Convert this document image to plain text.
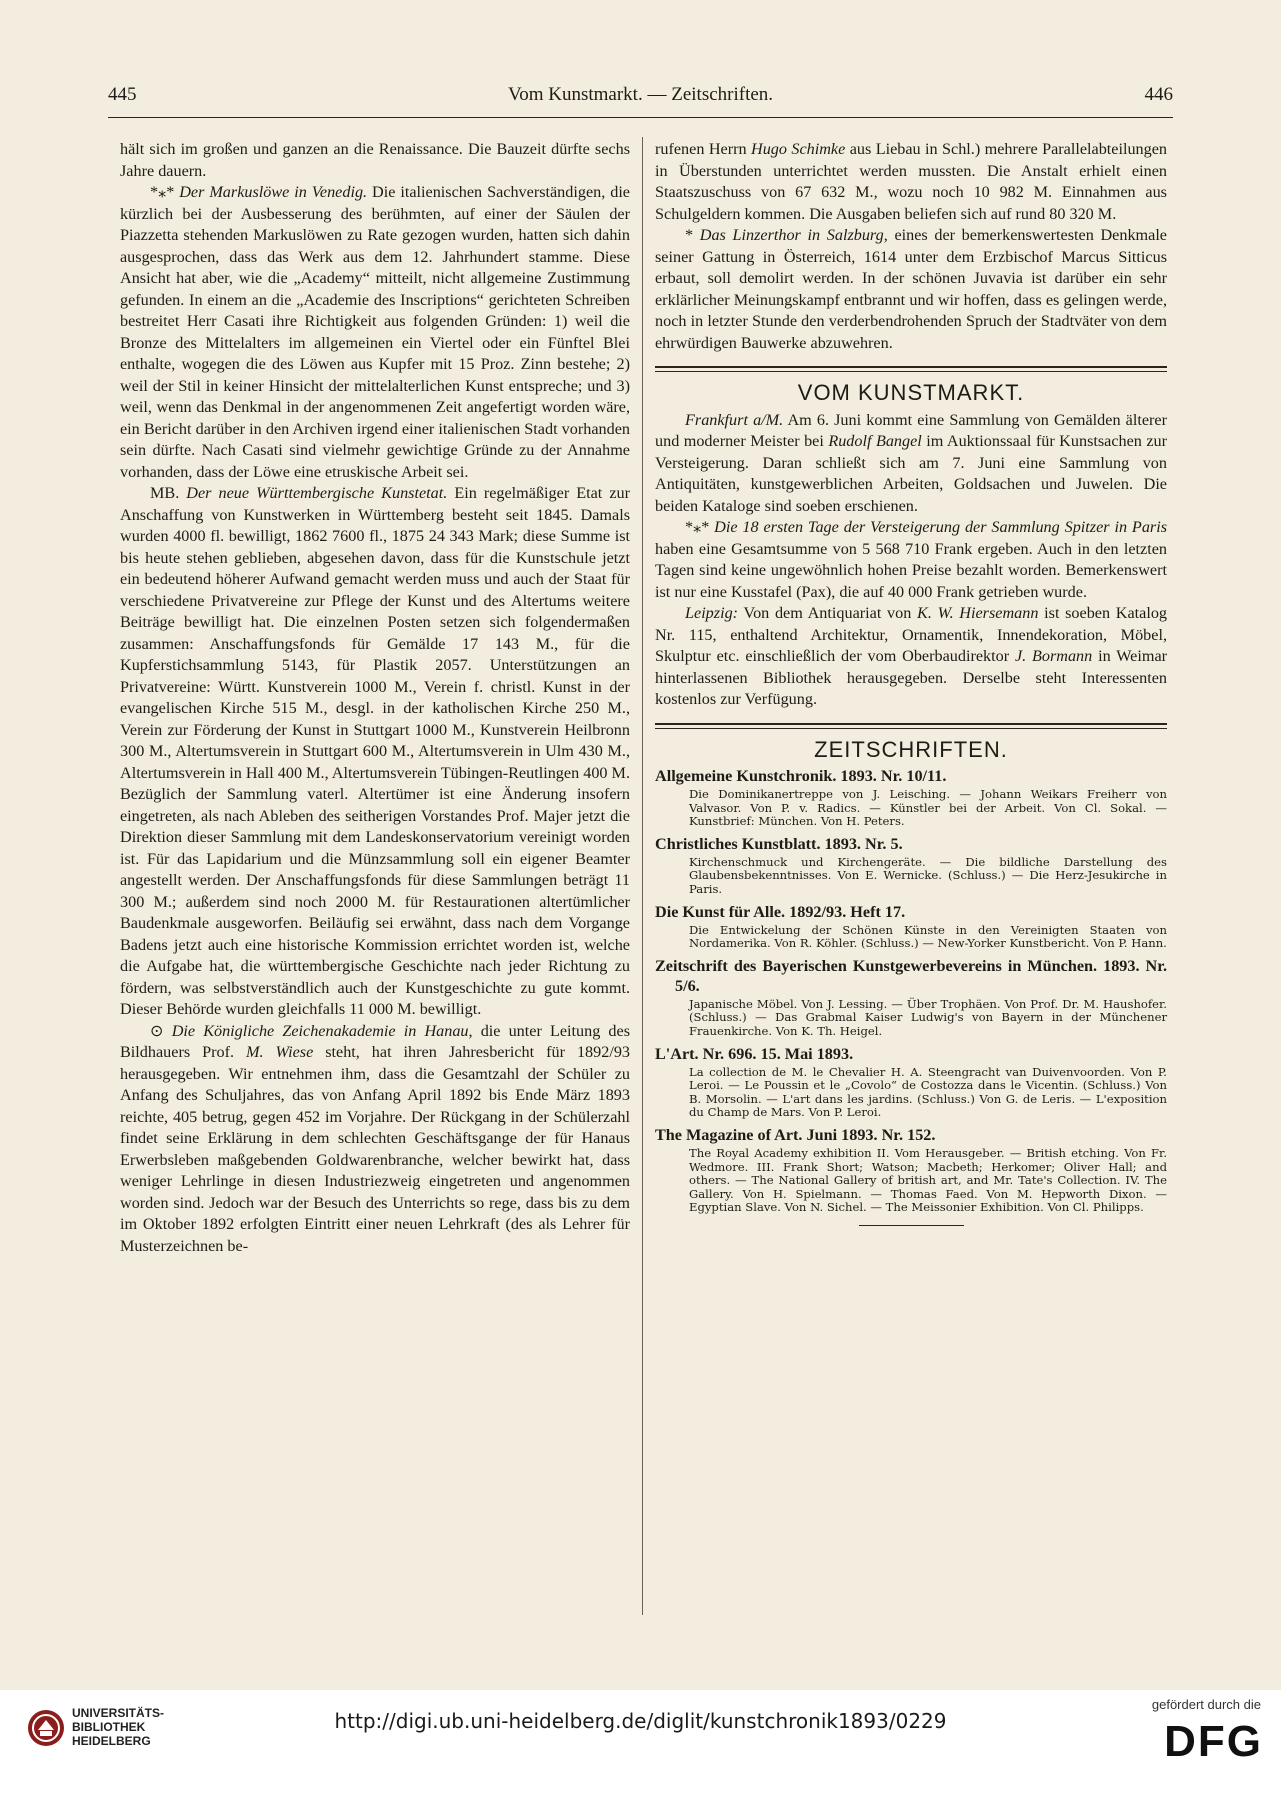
445	Vom Kunstmarkt. — Zeitschriften.	446

hält sich im großen und ganzen an die Renaissance. Die Bauzeit dürfte sechs Jahre dauern.

*⁎* Der Markuslöwe in Venedig. Die italienischen Sachverständigen, die kürzlich bei der Ausbesserung des berühmten, auf einer der Säulen der Piazzetta stehenden Markuslöwen zu Rate gezogen wurden, hatten sich dahin ausgesprochen, dass das Werk aus dem 12. Jahrhundert stamme. Diese Ansicht hat aber, wie die „Academy“ mitteilt, nicht allgemeine Zustimmung gefunden. In einem an die „Academie des Inscriptions“ gerichteten Schreiben bestreitet Herr Casati ihre Richtigkeit aus folgenden Gründen: 1) weil die Bronze des Mittelalters im allgemeinen ein Viertel oder ein Fünftel Blei enthalte, wogegen die des Löwen aus Kupfer mit 15 Proz. Zinn bestehe; 2) weil der Stil in keiner Hinsicht der mittelalterlichen Kunst entspreche; und 3) weil, wenn das Denkmal in der angenommenen Zeit angefertigt worden wäre, ein Bericht darüber in den Archiven irgend einer italienischen Stadt vorhanden sein dürfte. Nach Casati sind vielmehr gewichtige Gründe zu der Annahme vorhanden, dass der Löwe eine etruskische Arbeit sei.

MB. Der neue Württembergische Kunstetat. Ein regelmäßiger Etat zur Anschaffung von Kunstwerken in Württemberg besteht seit 1845. Damals wurden 4000 fl. bewilligt, 1862 7600 fl., 1875 24 343 Mark; diese Summe ist bis heute stehen geblieben, abgesehen davon, dass für die Kunstschule jetzt ein bedeutend höherer Aufwand gemacht werden muss und auch der Staat für verschiedene Privatvereine zur Pflege der Kunst und des Altertums weitere Beiträge bewilligt hat. Die einzelnen Posten setzen sich folgendermaßen zusammen: Anschaffungsfonds für Gemälde 17 143 M., für die Kupferstichsammlung 5143, für Plastik 2057. Unterstützungen an Privatvereine: Württ. Kunstverein 1000 M., Verein f. christl. Kunst in der evangelischen Kirche 515 M., desgl. in der katholischen Kirche 250 M., Verein zur Förderung der Kunst in Stuttgart 1000 M., Kunstverein Heilbronn 300 M., Altertumsverein in Stuttgart 600 M., Altertumsverein in Ulm 430 M., Altertumsverein in Hall 400 M., Altertumsverein Tübingen-Reutlingen 400 M. Bezüglich der Sammlung vaterl. Altertümer ist eine Änderung insofern eingetreten, als nach Ableben des seitherigen Vorstandes Prof. Majer jetzt die Direktion dieser Sammlung mit dem Landeskonservatorium vereinigt worden ist. Für das Lapidarium und die Münzsammlung soll ein eigener Beamter angestellt werden. Der Anschaffungsfonds für diese Sammlungen beträgt 11 300 M.; außerdem sind noch 2000 M. für Restaurationen altertümlicher Baudenkmale ausgeworfen. Beiläufig sei erwähnt, dass nach dem Vorgange Badens jetzt auch eine historische Kommission errichtet worden ist, welche die Aufgabe hat, die württembergische Geschichte nach jeder Richtung zu fördern, was selbstverständlich auch der Kunstgeschichte zu gute kommt. Dieser Behörde wurden gleichfalls 11 000 M. bewilligt.

⊙ Die Königliche Zeichenakademie in Hanau, die unter Leitung des Bildhauers Prof. M. Wiese steht, hat ihren Jahresbericht für 1892/93 herausgegeben. Wir entnehmen ihm, dass die Gesamtzahl der Schüler zu Anfang des Schuljahres, das von Anfang April 1892 bis Ende März 1893 reichte, 405 betrug, gegen 452 im Vorjahre. Der Rückgang in der Schülerzahl findet seine Erklärung in dem schlechten Geschäftsgange der für Hanaus Erwerbsleben maßgebenden Goldwarenbranche, welcher bewirkt hat, dass weniger Lehrlinge in diesen Industriezweig eingetreten und angenommen worden sind. Jedoch war der Besuch des Unterrichts so rege, dass bis zu dem im Oktober 1892 erfolgten Eintritt einer neuen Lehrkraft (des als Lehrer für Musterzeichnen be-

rufenen Herrn Hugo Schimke aus Liebau in Schl.) mehrere Parallelabteilungen in Überstunden unterrichtet werden mussten. Die Anstalt erhielt einen Staatszuschuss von 67 632 M., wozu noch 10 982 M. Einnahmen aus Schulgeldern kommen. Die Ausgaben beliefen sich auf rund 80 320 M.

* Das Linzerthor in Salzburg, eines der bemerkenswertesten Denkmale seiner Gattung in Österreich, 1614 unter dem Erzbischof Marcus Sitticus erbaut, soll demolirt werden. In der schönen Juvavia ist darüber ein sehr erklärlicher Meinungskampf entbrannt und wir hoffen, dass es gelingen werde, noch in letzter Stunde den verderbendrohenden Spruch der Stadtväter von dem ehrwürdigen Bauwerke abzuwehren.

VOM KUNSTMARKT.

Frankfurt a/M. Am 6. Juni kommt eine Sammlung von Gemälden älterer und moderner Meister bei Rudolf Bangel im Auktionssaal für Kunstsachen zur Versteigerung. Daran schließt sich am 7. Juni eine Sammlung von Antiquitäten, kunstgewerblichen Arbeiten, Goldsachen und Juwelen. Die beiden Kataloge sind soeben erschienen.

*⁎* Die 18 ersten Tage der Versteigerung der Sammlung Spitzer in Paris haben eine Gesamtsumme von 5 568 710 Frank ergeben. Auch in den letzten Tagen sind keine ungewöhnlich hohen Preise bezahlt worden. Bemerkenswert ist nur eine Kusstafel (Pax), die auf 40 000 Frank getrieben wurde.

Leipzig: Von dem Antiquariat von K. W. Hiersemann ist soeben Katalog Nr. 115, enthaltend Architektur, Ornamentik, Innendekoration, Möbel, Skulptur etc. einschließlich der vom Oberbaudirektor J. Bormann in Weimar hinterlassenen Bibliothek herausgegeben. Derselbe steht Interessenten kostenlos zur Verfügung.

ZEITSCHRIFTEN.
Allgemeine Kunstchronik. 1893. Nr. 10/11.
Die Dominikanertreppe von J. Leisching. — Johann Weikars Freiherr von Valvasor. Von P. v. Radics. — Künstler bei der Arbeit. Von Cl. Sokal. — Kunstbrief: München. Von H. Peters.
Christliches Kunstblatt. 1893. Nr. 5.
Kirchenschmuck und Kirchengeräte. — Die bildliche Darstellung des Glaubensbekenntnisses. Von E. Wernicke. (Schluss.) — Die Herz-Jesukirche in Paris.
Die Kunst für Alle. 1892/93. Heft 17.
Die Entwickelung der Schönen Künste in den Vereinigten Staaten von Nordamerika. Von R. Köhler. (Schluss.) — New-Yorker Kunstbericht. Von P. Hann.
Zeitschrift des Bayerischen Kunstgewerbevereins in München. 1893. Nr. 5/6.
Japanische Möbel. Von J. Lessing. — Über Trophäen. Von Prof. Dr. M. Haushofer. (Schluss.) — Das Grabmal Kaiser Ludwig's von Bayern in der Münchener Frauenkirche. Von K. Th. Heigel.
L'Art. Nr. 696. 15. Mai 1893.
La collection de M. le Chevalier H. A. Steengracht van Duivenvoorden. Von P. Leroi. — Le Poussin et le „Covolo“ de Costozza dans le Vicentin. (Schluss.) Von B. Morsolin. — L'art dans les jardins. (Schluss.) Von G. de Leris. — L'exposition du Champ de Mars. Von P. Leroi.
The Magazine of Art. Juni 1893. Nr. 152.
The Royal Academy exhibition II. Vom Herausgeber. — British etching. Von Fr. Wedmore. III. Frank Short; Watson; Macbeth; Herkomer; Oliver Hall; and others. — The National Gallery of british art, and Mr. Tate's Collection. IV. The Gallery. Von H. Spielmann. — Thomas Faed. Von M. Hepworth Dixon. — Egyptian Slave. Von N. Sichel. — The Meissonier Exhibition. Von Cl. Philipps.
UNIVERSITÄTS-
BIBLIOTHEK
HEIDELBERG
http://digi.ub.uni-heidelberg.de/diglit/kunstchronik1893/0229
gefördert durch die
DFG
